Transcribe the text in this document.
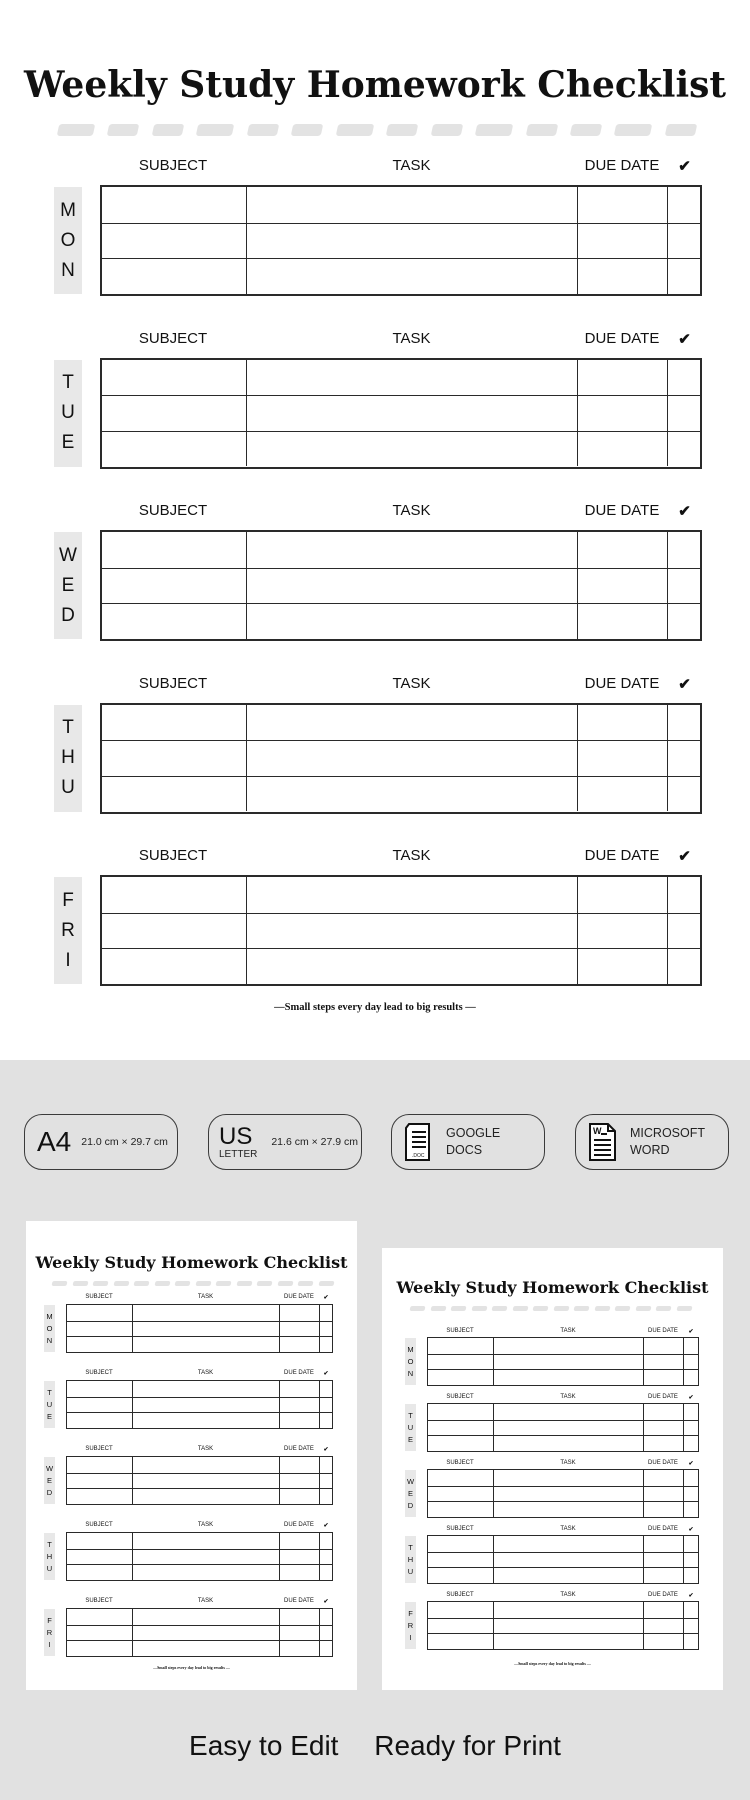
Weekly Study Homework Checklist
SUBJECT	TASK	DUE DATE	✔
M
O
N
SUBJECT	TASK	DUE DATE	✔
T
U
E
SUBJECT	TASK	DUE DATE	✔
W
E
D
SUBJECT	TASK	DUE DATE	✔
T
H
U
SUBJECT	TASK	DUE DATE	✔
F
R
I
—Small steps every day lead to big results —
A4 21.0 cm × 29.7 cm US
LETTER
21.6 cm × 27.9 cm
.DOC
GOOGLE
DOCS
W MICROSOFT
WORD
Weekly Study Homework Checklist
SUBJECT	TASK	DUE DATE	✔
M
O
N
SUBJECT	TASK	DUE DATE	✔
T
U
E
SUBJECT	TASK	DUE DATE	✔
W
E
D
SUBJECT	TASK	DUE DATE	✔
T
H
U
SUBJECT	TASK	DUE DATE	✔
F
R
I
—Small steps every day lead to big results —
Weekly Study Homework Checklist
SUBJECT	TASK	DUE DATE	✔
M
O
N
SUBJECT	TASK	DUE DATE	✔
T
U
E
SUBJECT	TASK	DUE DATE	✔
W
E
D
SUBJECT	TASK	DUE DATE	✔
T
H
U
SUBJECT	TASK	DUE DATE	✔
F
R
I
—Small steps every day lead to big results —
Easy to Edit Ready for Print
